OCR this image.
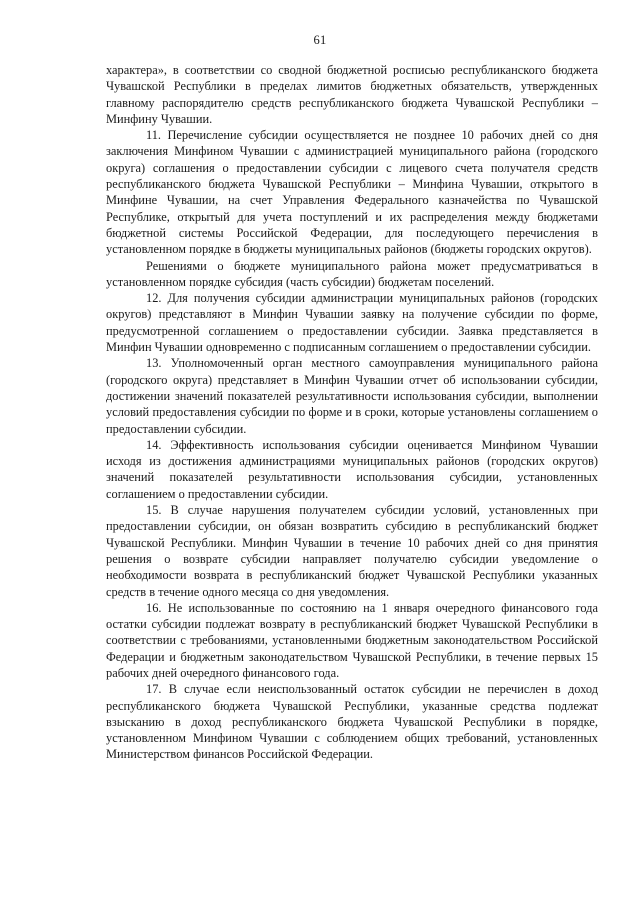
61

характера», в соответствии со сводной бюджетной росписью республиканского бюджета Чувашской Республики в пределах лимитов бюджетных обязательств, утвержденных главному распорядителю средств республиканского бюджета Чувашской Республики – Минфину Чувашии.

11. Перечисление субсидии осуществляется не позднее 10 рабочих дней со дня заключения Минфином Чувашии с администрацией муниципального района (городского округа) соглашения о предоставлении субсидии с лицевого счета получателя средств республиканского бюджета Чувашской Республики – Минфина Чувашии, открытого в Минфине Чувашии, на счет Управления Федерального казначейства по Чувашской Республике, открытый для учета поступлений и их распределения между бюджетами бюджетной системы Российской Федерации, для последующего перечисления в установленном порядке в бюджеты муниципальных районов (бюджеты городских округов).

Решениями о бюджете муниципального района может предусматриваться в установленном порядке субсидия (часть субсидии) бюджетам поселений.

12. Для получения субсидии администрации муниципальных районов (городских округов) представляют в Минфин Чувашии заявку на получение субсидии по форме, предусмотренной соглашением о предоставлении субсидии. Заявка представляется в Минфин Чувашии одновременно с подписанным соглашением о предоставлении субсидии.

13. Уполномоченный орган местного самоуправления муниципального района (городского округа) представляет в Минфин Чувашии отчет об использовании субсидии, достижении значений показателей результативности использования субсидии, выполнении условий предоставления субсидии по форме и в сроки, которые установлены соглашением о предоставлении субсидии.

14. Эффективность использования субсидии оценивается Минфином Чувашии исходя из достижения администрациями муниципальных районов (городских округов) значений показателей результативности использования субсидии, установленных соглашением о предоставлении субсидии.

15. В случае нарушения получателем субсидии условий, установленных при предоставлении субсидии, он обязан возвратить субсидию в республиканский бюджет Чувашской Республики. Минфин Чувашии в течение 10 рабочих дней со дня принятия решения о возврате субсидии направляет получателю субсидии уведомление о необходимости возврата в республиканский бюджет Чувашской Республики указанных средств в течение одного месяца со дня уведомления.

16. Не использованные по состоянию на 1 января очередного финансового года остатки субсидии подлежат возврату в республиканский бюджет Чувашской Республики в соответствии с требованиями, установленными бюджетным законодательством Российской Федерации и бюджетным законодательством Чувашской Республики, в течение первых 15 рабочих дней очередного финансового года.

17. В случае если неиспользованный остаток субсидии не перечислен в доход республиканского бюджета Чувашской Республики, указанные средства подлежат взысканию в доход республиканского бюджета Чувашской Республики в порядке, установленном Минфином Чувашии с соблюдением общих требований, установленных Министерством финансов Российской Федерации.
